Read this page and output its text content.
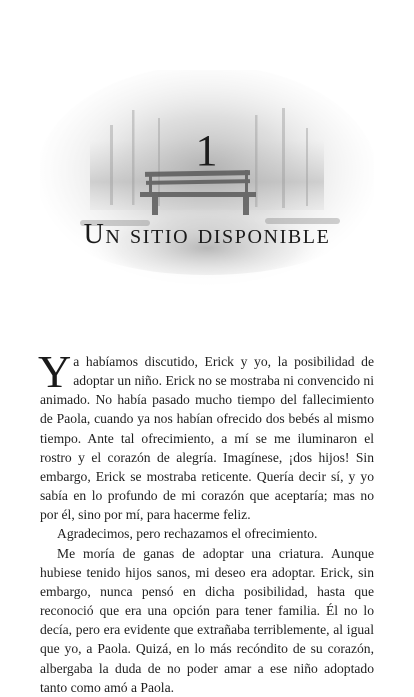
1
Un sitio disponible

Ya habíamos discutido, Erick y yo, la posibilidad de adoptar un niño. Erick no se mostraba ni convencido ni animado. No había pasado mucho tiempo del fallecimiento de Paola, cuando ya nos habían ofrecido dos bebés al mismo tiempo. Ante tal ofrecimiento, a mí se me iluminaron el rostro y el corazón de alegría. Imagínese, ¡dos hijos! Sin embargo, Erick se mostraba reticente. Quería decir sí, y yo sabía en lo profundo de mi corazón que aceptaría; mas no por él, sino por mí, para hacerme feliz.

Agradecimos, pero rechazamos el ofrecimiento.

Me moría de ganas de adoptar una criatura. Aunque hubiese tenido hijos sanos, mi deseo era adoptar. Erick, sin embargo, nunca pensó en dicha posibilidad, hasta que reconoció que era una opción para tener familia. Él no lo decía, pero era evidente que extrañaba terriblemente, al igual que yo, a Paola. Quizá, en lo más recóndito de su corazón, albergaba la duda de no poder amar a ese niño adoptado tanto como amó a Paola.
